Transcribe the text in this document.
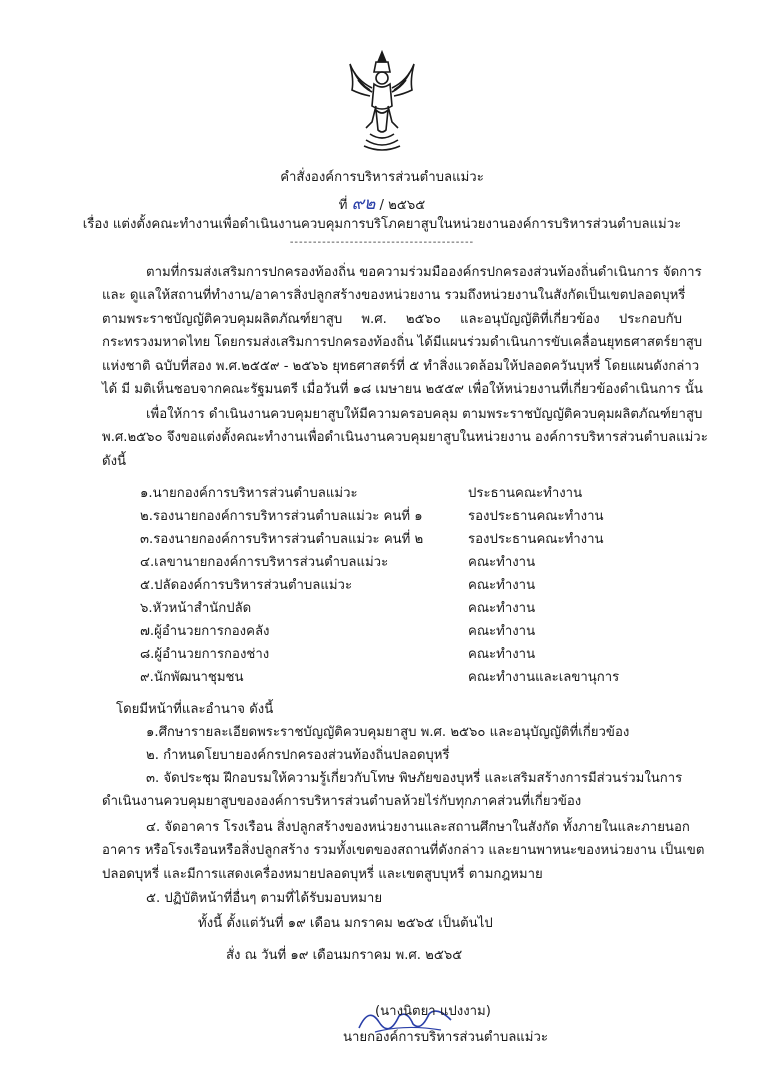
คำสั่งองค์การบริหารส่วนตำบลแม่วะ
ที่ ๙๒ / ๒๕๖๕
เรื่อง แต่งตั้งคณะทำงานเพื่อดำเนินงานควบคุมการบริโภคยาสูบในหน่วยงานองค์การบริหารส่วนตำบลแม่วะ
----------------------------------------
ตามที่กรมส่งเสริมการปกครองท้องถิ่น ขอความร่วมมือองค์กรปกครองส่วนท้องถิ่นดำเนินการ จัดการ
และ ดูแลให้สถานที่ทำงาน/อาคารสิ่งปลูกสร้างของหน่วยงาน รวมถึงหน่วยงานในสังกัดเป็นเขตปลอดบุหรี่
ตามพระราชบัญญัติควบคุมผลิตภัณฑ์ยาสูบ พ.ศ. ๒๕๖๐ และอนุบัญญัติที่เกี่ยวข้อง ประกอบกับ
กระทรวงมหาดไทย โดยกรมส่งเสริมการปกครองท้องถิ่น ได้มีแผนร่วมดำเนินการขับเคลื่อนยุทธศาสตร์ยาสูบ
แห่งชาติ ฉบับที่สอง พ.ศ.๒๕๕๙ - ๒๕๖๖ ยุทธศาสตร์ที่ ๕ ทำสิ่งแวดล้อมให้ปลอดควันบุหรี่ โดยแผนดังกล่าว
ได้ มี มติเห็นชอบจากคณะรัฐมนตรี เมื่อวันที่ ๑๘ เมษายน ๒๕๕๙ เพื่อให้หน่วยงานที่เกี่ยวข้องดำเนินการ นั้น
เพื่อให้การ ดำเนินงานควบคุมยาสูบให้มีความครอบคลุม ตามพระราชบัญญัติควบคุมผลิตภัณฑ์ยาสูบ
พ.ศ.๒๕๖๐ จึงขอแต่งตั้งคณะทำงานเพื่อดำเนินงานควบคุมยาสูบในหน่วยงาน องค์การบริหารส่วนตำบลแม่วะ
ดังนี้
๑.นายกองค์การบริหารส่วนตำบลแม่วะ	ประธานคณะทำงาน
๒.รองนายกองค์การบริหารส่วนตำบลแม่วะ คนที่ ๑	รองประธานคณะทำงาน
๓.รองนายกองค์การบริหารส่วนตำบลแม่วะ คนที่ ๒	รองประธานคณะทำงาน
๔.เลขานายกองค์การบริหารส่วนตำบลแม่วะ	คณะทำงาน
๕.ปลัดองค์การบริหารส่วนตำบลแม่วะ	คณะทำงาน
๖.หัวหน้าสำนักปลัด	คณะทำงาน
๗.ผู้อำนวยการกองคลัง	คณะทำงาน
๘.ผู้อำนวยการกองช่าง	คณะทำงาน
๙.นักพัฒนาชุมชน	คณะทำงานและเลขานุการ
โดยมีหน้าที่และอำนาจ ดังนี้
๑.ศึกษารายละเอียดพระราชบัญญัติควบคุมยาสูบ พ.ศ. ๒๕๖๐ และอนุบัญญัติที่เกี่ยวข้อง
๒. กำหนดโยบายองค์กรปกครองส่วนท้องถิ่นปลอดบุหรี่
๓. จัดประชุม ฝึกอบรมให้ความรู้เกี่ยวกับโทษ พิษภัยของบุหรี่ และเสริมสร้างการมีส่วนร่วมในการ
ดำเนินงานควบคุมยาสูบขององค์การบริหารส่วนตำบลห้วยไร่กับทุกภาคส่วนที่เกี่ยวข้อง
๔. จัดอาคาร โรงเรือน สิ่งปลูกสร้างของหน่วยงานและสถานศึกษาในสังกัด ทั้งภายในและภายนอก
อาคาร หรือโรงเรือนหรือสิ่งปลูกสร้าง รวมทั้งเขตของสถานที่ดังกล่าว และยานพาหนะของหน่วยงาน เป็นเขต
ปลอดบุหรี่ และมีการแสดงเครื่องหมายปลอดบุหรี่ และเขตสูบบุหรี่ ตามกฎหมาย
๕. ปฏิบัติหน้าที่อื่นๆ ตามที่ได้รับมอบหมาย
ทั้งนี้ ตั้งแต่วันที่ ๑๙ เดือน มกราคม ๒๕๖๕ เป็นต้นไป
สั่ง ณ วันที่ ๑๙ เดือนมกราคม พ.ศ. ๒๕๖๕
(นางนิตยา แปงงาม)
นายกองค์การบริหารส่วนตำบลแม่วะ
